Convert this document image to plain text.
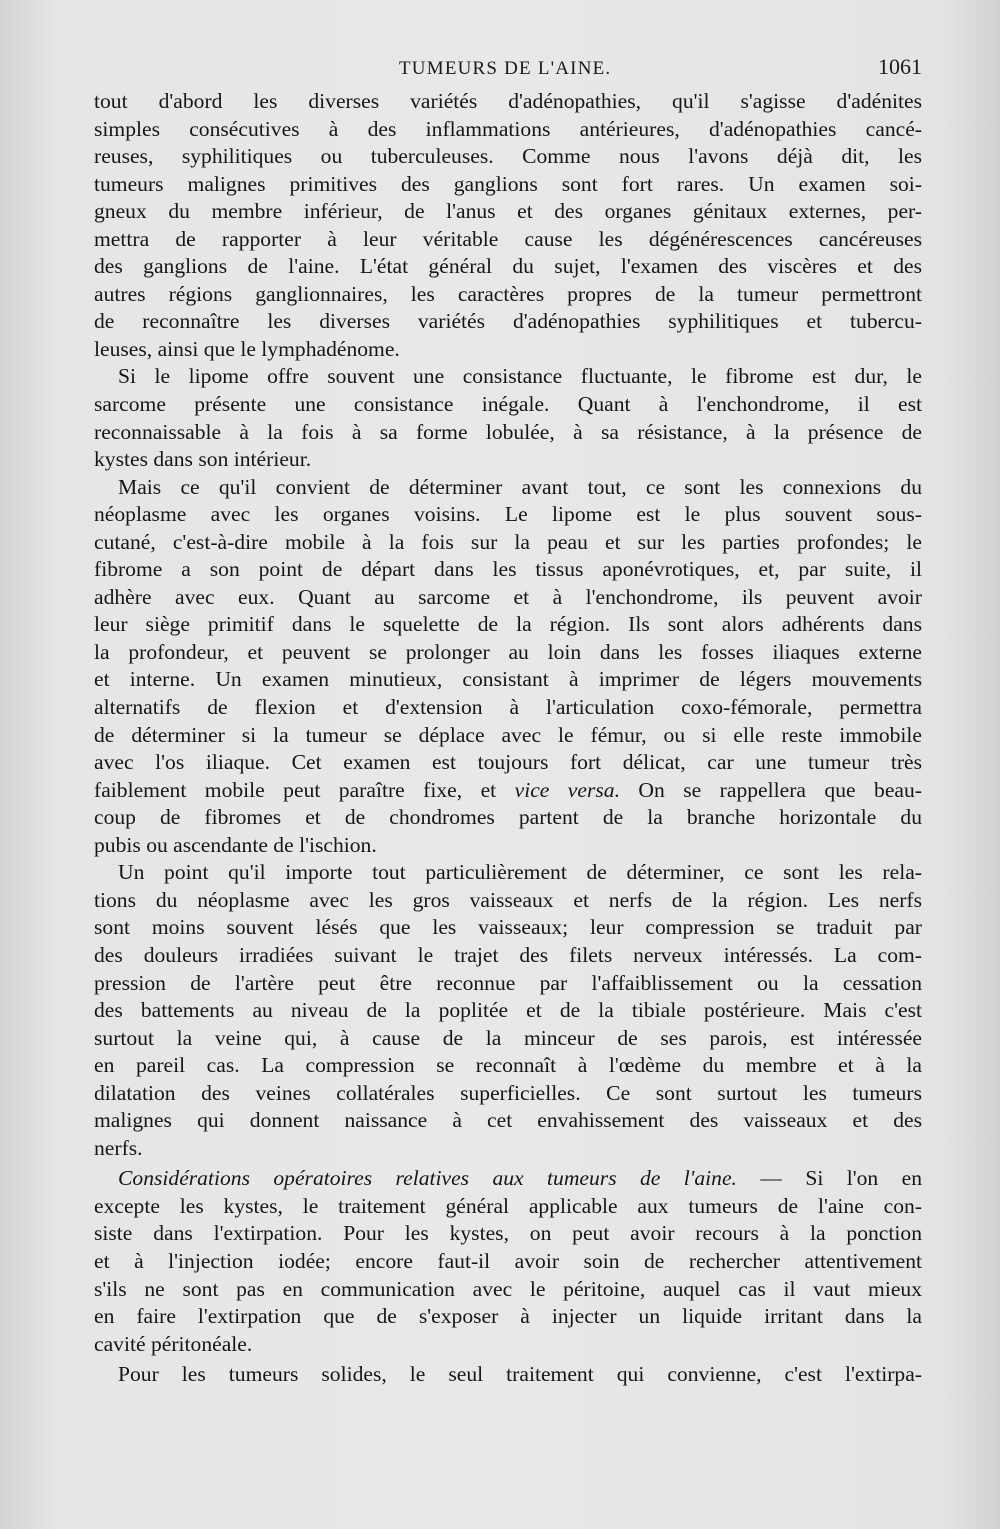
TUMEURS DE L'AINE.	1061
tout d'abord les diverses variétés d'adénopathies, qu'il s'agisse d'adénites
simples consécutives à des inflammations antérieures, d'adénopathies cancé-
reuses, syphilitiques ou tuberculeuses. Comme nous l'avons déjà dit, les
tumeurs malignes primitives des ganglions sont fort rares. Un examen soi-
gneux du membre inférieur, de l'anus et des organes génitaux externes, per-
mettra de rapporter à leur véritable cause les dégénérescences cancéreuses
des ganglions de l'aine. L'état général du sujet, l'examen des viscères et des
autres régions ganglionnaires, les caractères propres de la tumeur permettront
de reconnaître les diverses variétés d'adénopathies syphilitiques et tubercu-
leuses, ainsi que le lymphadénome.
Si le lipome offre souvent une consistance fluctuante, le fibrome est dur, le
sarcome présente une consistance inégale. Quant à l'enchondrome, il est
reconnaissable à la fois à sa forme lobulée, à sa résistance, à la présence de
kystes dans son intérieur.
Mais ce qu'il convient de déterminer avant tout, ce sont les connexions du
néoplasme avec les organes voisins. Le lipome est le plus souvent sous-
cutané, c'est-à-dire mobile à la fois sur la peau et sur les parties profondes; le
fibrome a son point de départ dans les tissus aponévrotiques, et, par suite, il
adhère avec eux. Quant au sarcome et à l'enchondrome, ils peuvent avoir
leur siège primitif dans le squelette de la région. Ils sont alors adhérents dans
la profondeur, et peuvent se prolonger au loin dans les fosses iliaques externe
et interne. Un examen minutieux, consistant à imprimer de légers mouvements
alternatifs de flexion et d'extension à l'articulation coxo-fémorale, permettra
de déterminer si la tumeur se déplace avec le fémur, ou si elle reste immobile
avec l'os iliaque. Cet examen est toujours fort délicat, car une tumeur très
faiblement mobile peut paraître fixe, et vice versa. On se rappellera que beau-
coup de fibromes et de chondromes partent de la branche horizontale du
pubis ou ascendante de l'ischion.
Un point qu'il importe tout particulièrement de déterminer, ce sont les rela-
tions du néoplasme avec les gros vaisseaux et nerfs de la région. Les nerfs
sont moins souvent lésés que les vaisseaux; leur compression se traduit par
des douleurs irradiées suivant le trajet des filets nerveux intéressés. La com-
pression de l'artère peut être reconnue par l'affaiblissement ou la cessation
des battements au niveau de la poplitée et de la tibiale postérieure. Mais c'est
surtout la veine qui, à cause de la minceur de ses parois, est intéressée
en pareil cas. La compression se reconnaît à l'œdème du membre et à la
dilatation des veines collatérales superficielles. Ce sont surtout les tumeurs
malignes qui donnent naissance à cet envahissement des vaisseaux et des
nerfs.
Considérations opératoires relatives aux tumeurs de l'aine. — Si l'on en
excepte les kystes, le traitement général applicable aux tumeurs de l'aine con-
siste dans l'extirpation. Pour les kystes, on peut avoir recours à la ponction
et à l'injection iodée; encore faut-il avoir soin de rechercher attentivement
s'ils ne sont pas en communication avec le péritoine, auquel cas il vaut mieux
en faire l'extirpation que de s'exposer à injecter un liquide irritant dans la
cavité péritonéale.
Pour les tumeurs solides, le seul traitement qui convienne, c'est l'extirpa-
